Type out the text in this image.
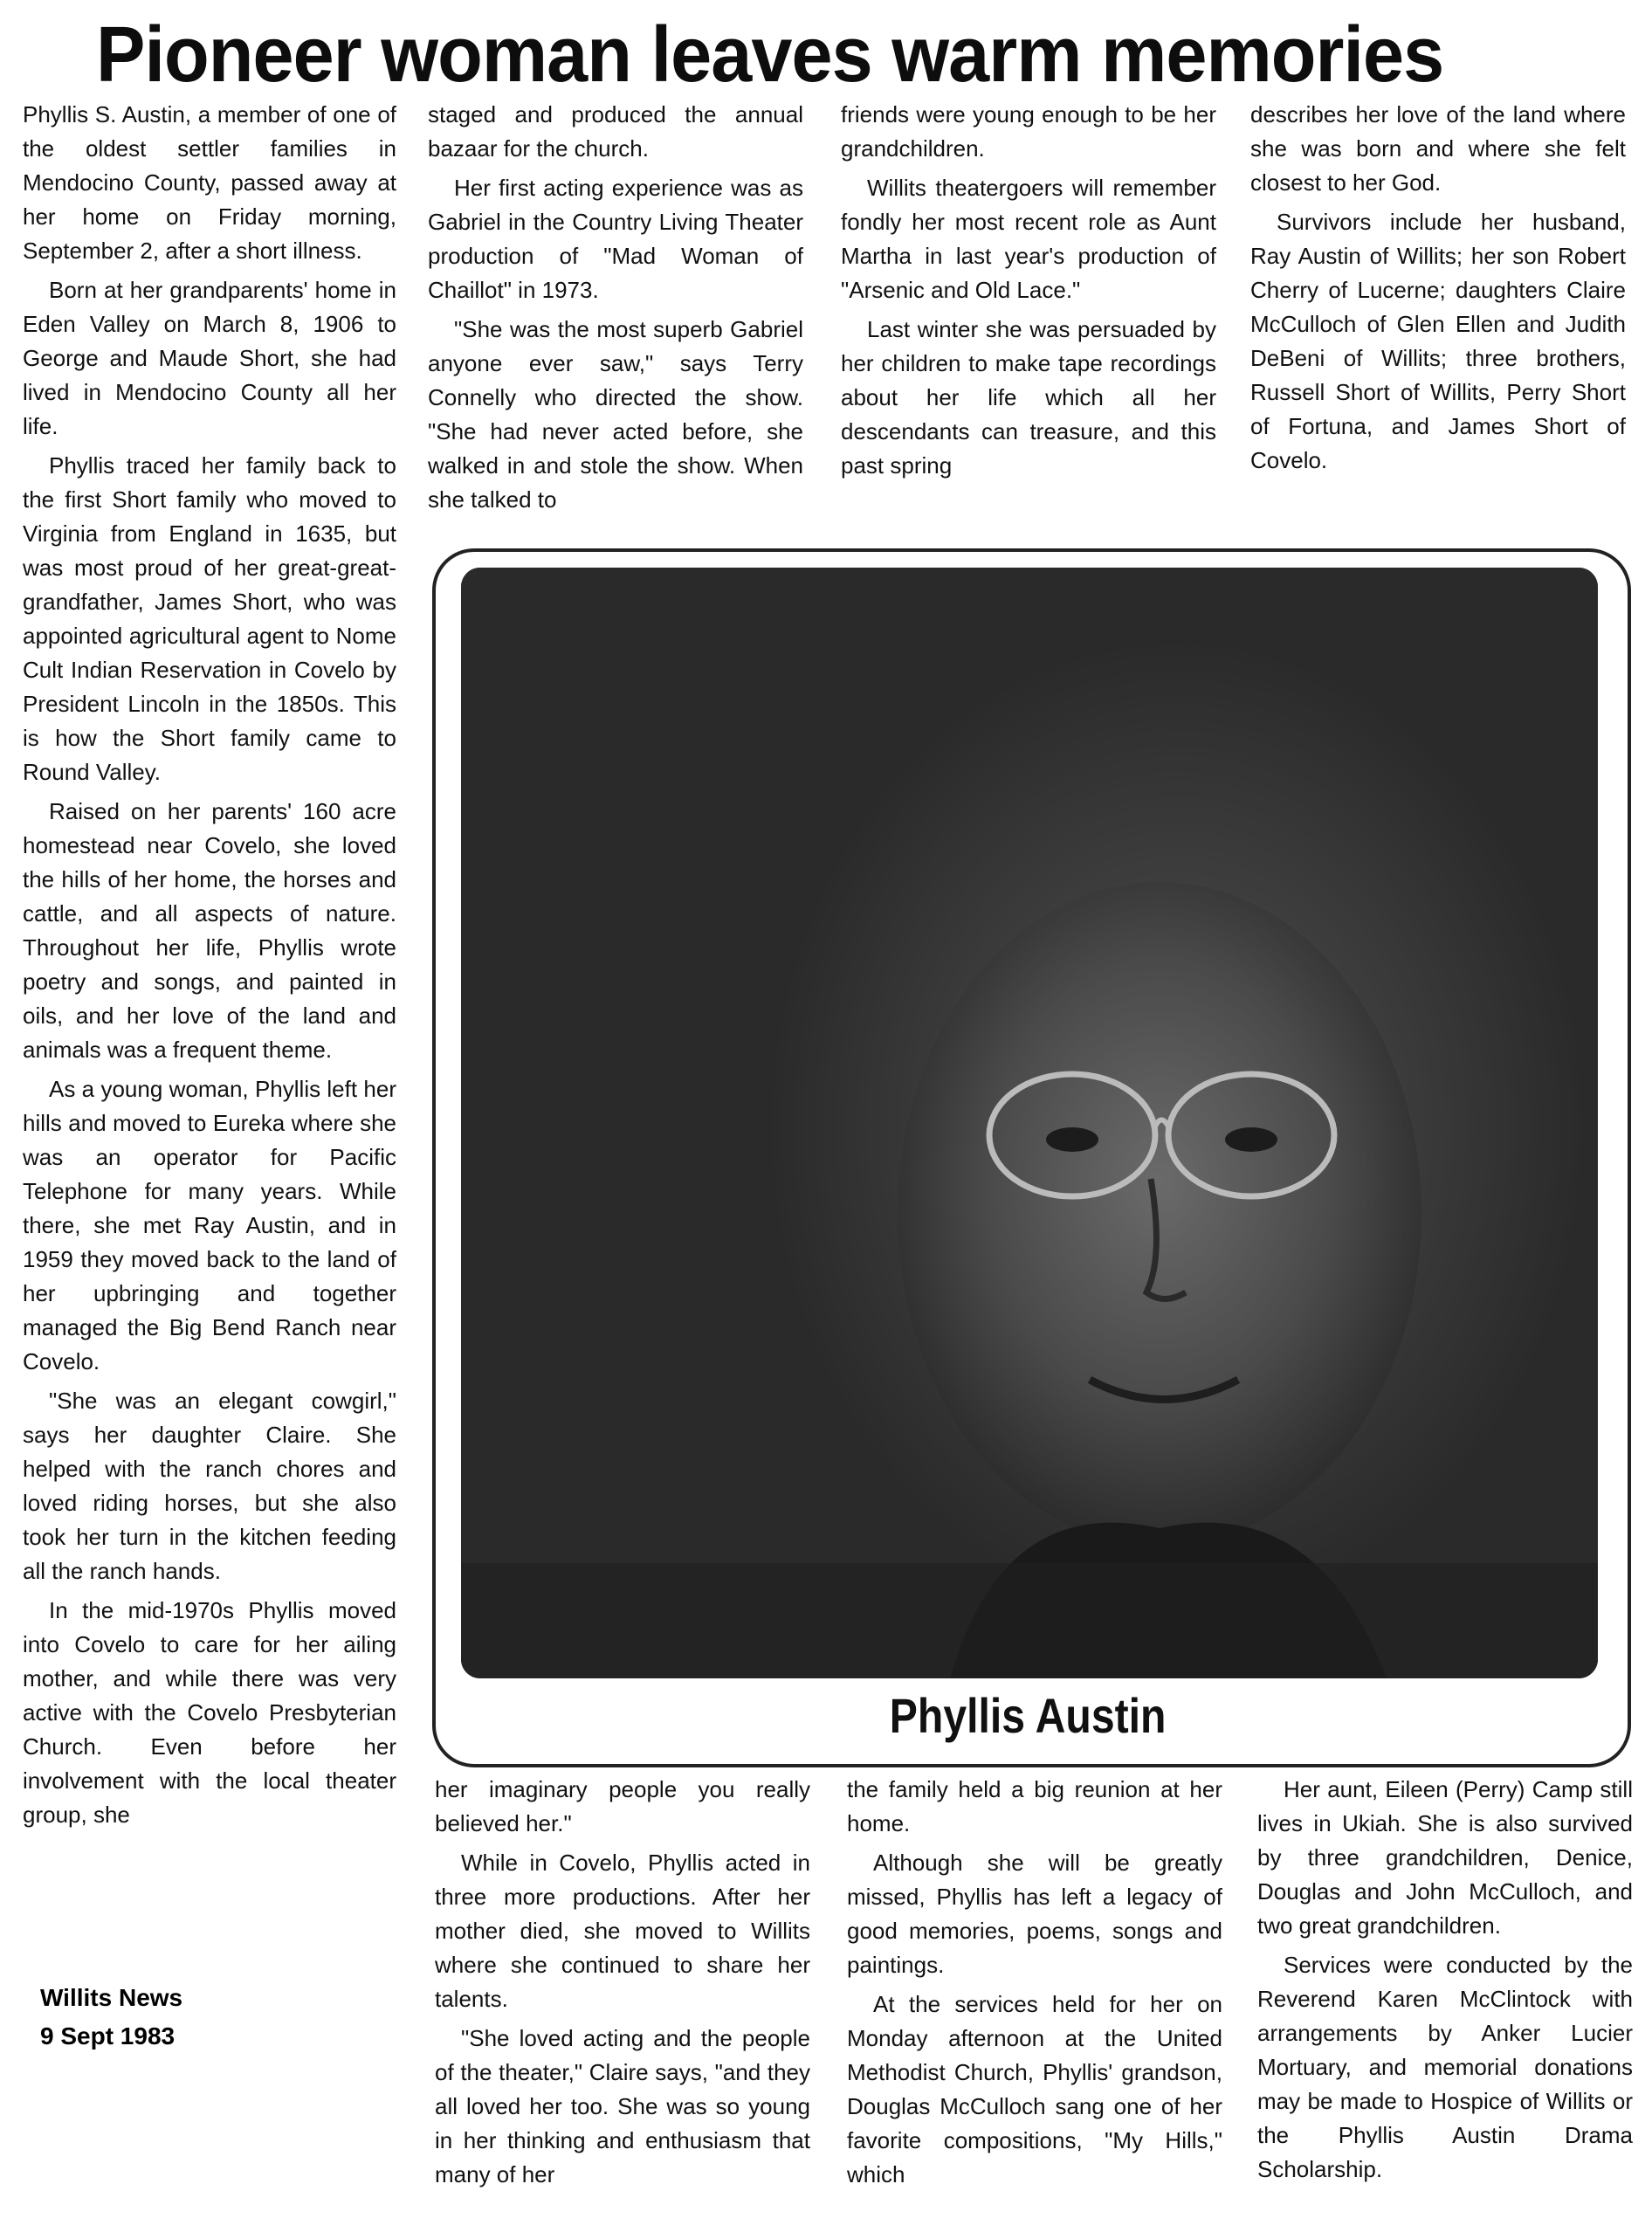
Pioneer woman leaves warm memories

Phyllis S. Austin, a member of one of the oldest settler families in Mendocino County, passed away at her home on Friday morning, September 2, after a short illness.

Born at her grandparents' home in Eden Valley on March 8, 1906 to George and Maude Short, she had lived in Mendocino County all her life.

Phyllis traced her family back to the first Short family who moved to Virginia from England in 1635, but was most proud of her great-great-grandfather, James Short, who was appointed agricultural agent to Nome Cult Indian Reservation in Covelo by President Lincoln in the 1850s. This is how the Short family came to Round Valley.

Raised on her parents' 160 acre homestead near Covelo, she loved the hills of her home, the horses and cattle, and all aspects of nature. Throughout her life, Phyllis wrote poetry and songs, and painted in oils, and her love of the land and animals was a frequent theme.

As a young woman, Phyllis left her hills and moved to Eureka where she was an operator for Pacific Telephone for many years. While there, she met Ray Austin, and in 1959 they moved back to the land of her upbringing and together managed the Big Bend Ranch near Covelo.

"She was an elegant cowgirl," says her daughter Claire. She helped with the ranch chores and loved riding horses, but she also took her turn in the kitchen feeding all the ranch hands.

In the mid-1970s Phyllis moved into Covelo to care for her ailing mother, and while there was very active with the Covelo Presbyterian Church. Even before her involvement with the local theater group, she

staged and produced the annual bazaar for the church.

Her first acting experience was as Gabriel in the Country Living Theater production of "Mad Woman of Chaillot" in 1973.

"She was the most superb Gabriel anyone ever saw," says Terry Connelly who directed the show. "She had never acted before, she walked in and stole the show. When she talked to

friends were young enough to be her grandchildren.

Willits theatergoers will remember fondly her most recent role as Aunt Martha in last year's production of "Arsenic and Old Lace."

Last winter she was persuaded by her children to make tape recordings about her life which all her descendants can treasure, and this past spring

describes her love of the land where she was born and where she felt closest to her God.

Survivors include her husband, Ray Austin of Willits; her son Robert Cherry of Lucerne; daughters Claire McCulloch of Glen Ellen and Judith DeBeni of Willits; three brothers, Russell Short of Willits, Perry Short of Fortuna, and James Short of Covelo.

Phyllis Austin

her imaginary people you really believed her."

While in Covelo, Phyllis acted in three more productions. After her mother died, she moved to Willits where she continued to share her talents.

"She loved acting and the people of the theater," Claire says, "and they all loved her too. She was so young in her thinking and enthusiasm that many of her

the family held a big reunion at her home.

Although she will be greatly missed, Phyllis has left a legacy of good memories, poems, songs and paintings.

At the services held for her on Monday afternoon at the United Methodist Church, Phyllis' grandson, Douglas McCulloch sang one of her favorite compositions, "My Hills," which

Her aunt, Eileen (Perry) Camp still lives in Ukiah. She is also survived by three grandchildren, Denice, Douglas and John McCulloch, and two great grandchildren.

Services were conducted by the Reverend Karen McClintock with arrangements by Anker Lucier Mortuary, and memorial donations may be made to Hospice of Willits or the Phyllis Austin Drama Scholarship.

Willits News
9 Sept 1983
